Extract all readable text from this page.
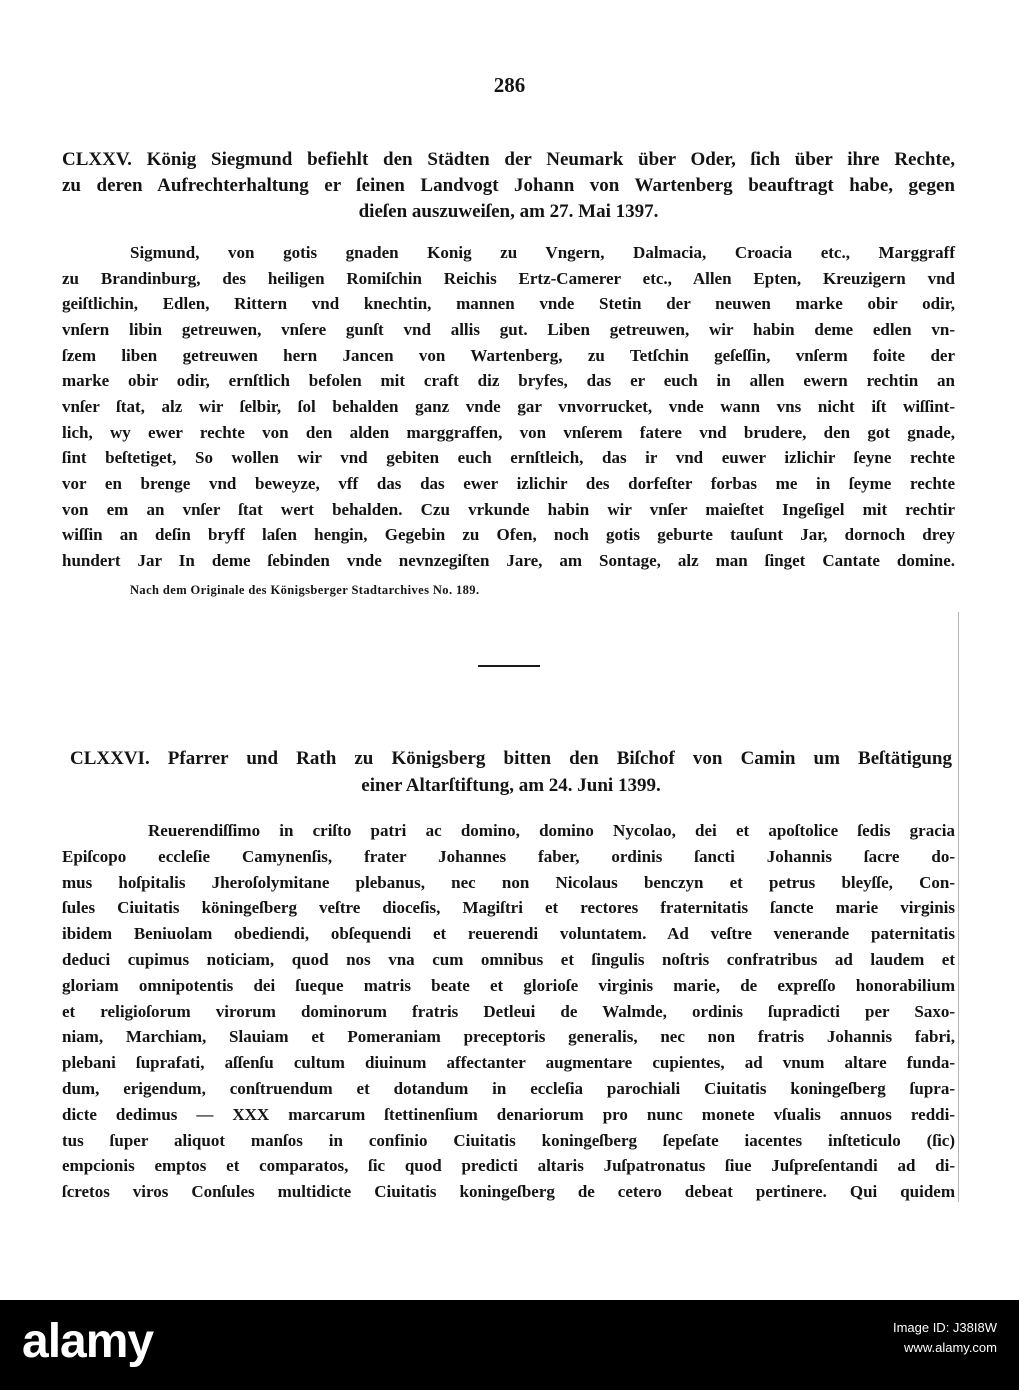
286
CLXXV. König Siegmund befiehlt den Städten der Neumark über Oder, ſich über ihre Rechte,
zu deren Aufrechterhaltung er ſeinen Landvogt Johann von Wartenberg beauftragt habe, gegen
dieſen auszuweiſen, am 27. Mai 1397.
Sigmund, von gotis gnaden Konig zu Vngern, Dalmacia, Croacia etc., Marggraff
zu Brandinburg, des heiligen Romiſchin Reichis Ertz-Camerer etc., Allen Epten, Kreuzigern vnd
geiſtlichin, Edlen, Rittern vnd knechtin, mannen vnde Stetin der neuwen marke obir odir,
vnſern libin getreuwen, vnſere gunſt vnd allis gut. Liben getreuwen, wir habin deme edlen vn-
ſzem liben getreuwen hern Jancen von Wartenberg, zu Tetſchin geſeſſin, vnſerm foite der
marke obir odir, ernſtlich befolen mit craft diz bryfes, das er euch in allen ewern rechtin an
vnſer ſtat, alz wir ſelbir, ſol behalden ganz vnde gar vnvorrucket, vnde wann vns nicht iſt wiſſint-
lich, wy ewer rechte von den alden marggraffen, von vnſerem fatere vnd brudere, den got gnade,
ſint beſtetiget, So wollen wir vnd gebiten euch ernſtleich, das ir vnd euwer izlichir ſeyne rechte
vor en brenge vnd beweyze, vff das das ewer izlichir des dorfeſter forbas me in ſeyme rechte
von em an vnſer ſtat wert behalden. Czu vrkunde habin wir vnſer maieſtet Ingeſigel mit rechtir
wiſſin an deſin bryff laſen hengin, Gegebin zu Ofen, noch gotis geburte tauſunt Jar, dornoch drey
hundert Jar In deme ſebinden vnde nevnzegiſten Jare, am Sontage, alz man ſinget Cantate domine.
Nach dem Originale des Königsberger Stadtarchives No. 189.
CLXXVI. Pfarrer und Rath zu Königsberg bitten den Biſchof von Camin um Beſtätigung
einer Altarſtiftung, am 24. Juni 1399.
Reuerendiſſimo in criſto patri ac domino, domino Nycolao, dei et apoſtolice ſedis gracia
Epiſcopo eccleſie Camynenſis, frater Johannes faber, ordinis ſancti Johannis ſacre do-
mus hoſpitalis Jheroſolymitane plebanus, nec non Nicolaus benczyn et petrus bleyſſe, Con-
ſules Ciuitatis köningeſberg veſtre dioceſis, Magiſtri et rectores fraternitatis ſancte marie virginis
ibidem Beniuolam obediendi, obſequendi et reuerendi voluntatem. Ad veſtre venerande paternitatis
deduci cupimus noticiam, quod nos vna cum omnibus et ſingulis noſtris confratribus ad laudem et
gloriam omnipotentis dei ſueque matris beate et glorioſe virginis marie, de expreſſo honorabilium
et religioſorum virorum dominorum fratris Detleui de Walmde, ordinis ſupradicti per Saxo-
niam, Marchiam, Slauiam et Pomeraniam preceptoris generalis, nec non fratris Johannis fabri,
plebani ſuprafati, aſſenſu cultum diuinum affectanter augmentare cupientes, ad vnum altare funda-
dum, erigendum, conſtruendum et dotandum in eccleſia parochiali Ciuitatis koningeſberg ſupra-
dicte dedimus — XXX marcarum ſtettinenſium denariorum pro nunc monete vſualis annuos reddi-
tus ſuper aliquot manſos in confinio Ciuitatis koningeſberg ſepeſate iacentes inſteticulo (ſic)
empcionis emptos et comparatos, ſic quod predicti altaris Juſpatronatus ſiue Juſpreſentandi ad di-
ſcretos viros Conſules multidicte Ciuitatis koningeſberg de cetero debeat pertinere. Qui quidem
alamy	Image ID: J38I8W
www.alamy.com
